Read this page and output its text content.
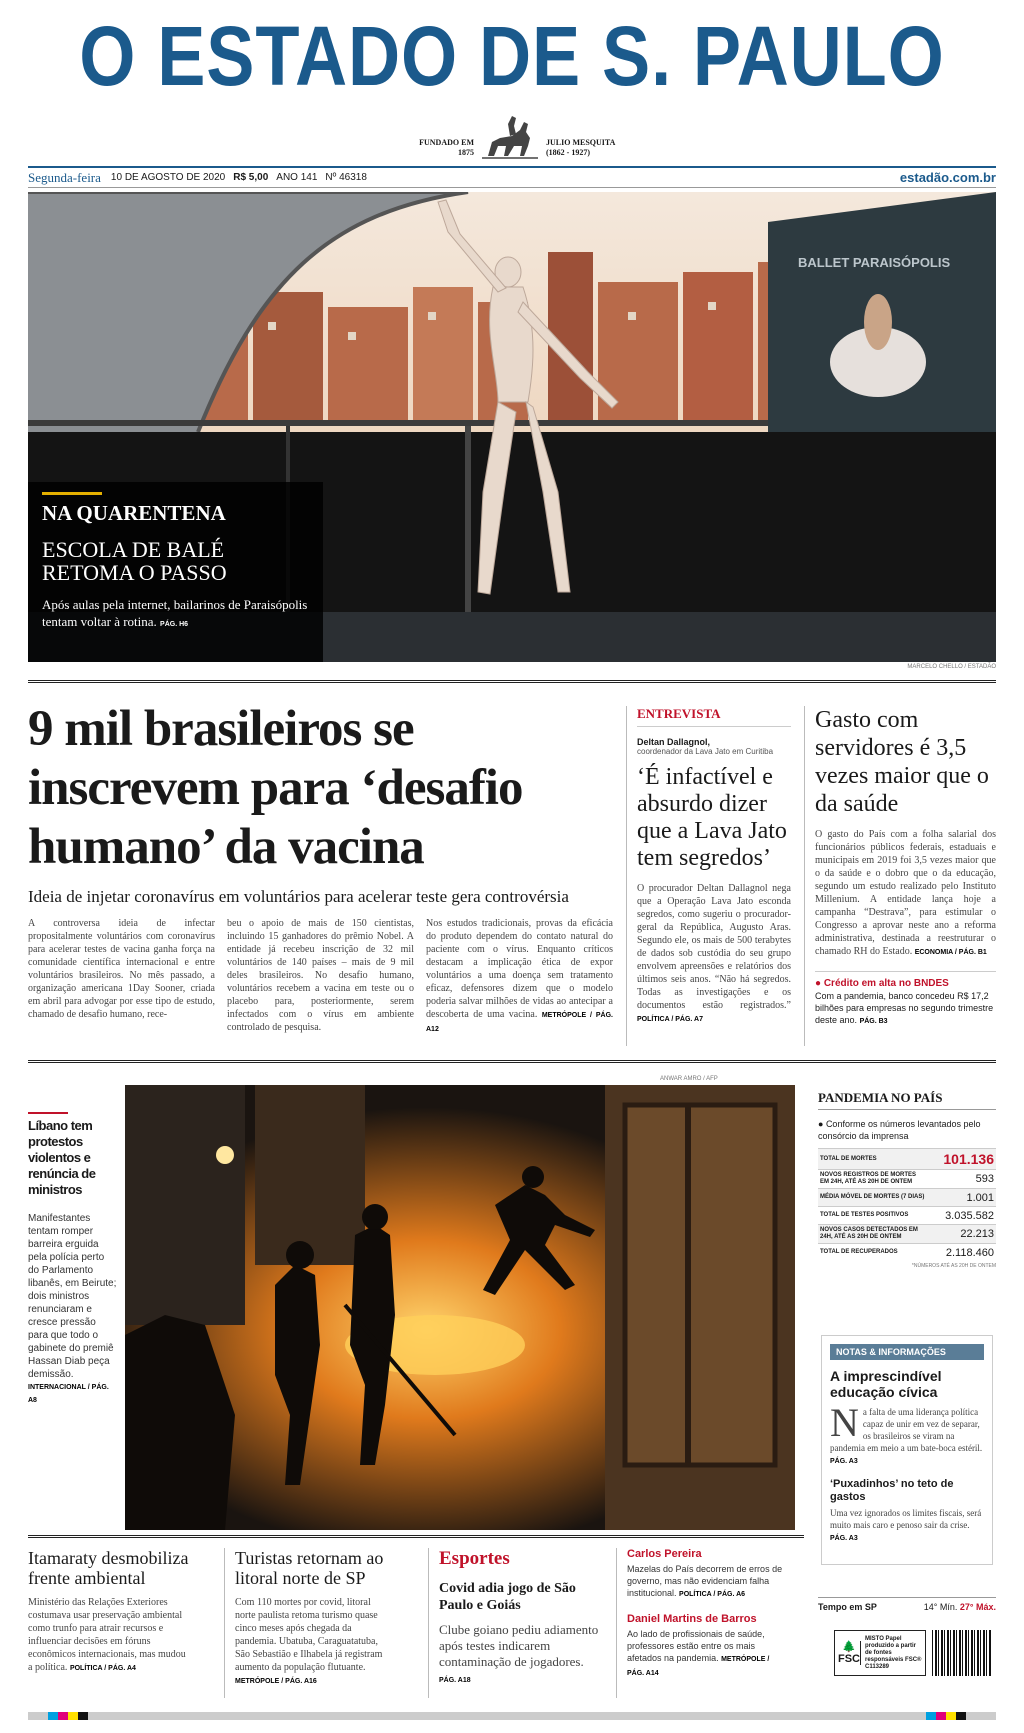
O ESTADO DE S. PAULO
FUNDADO EM
1875
JULIO MESQUITA
(1862 - 1927)
Segunda-feira 10 DE AGOSTO DE 2020 R$ 5,00 ANO 141 Nº 46318	estadão.com.br
BALLET PARAISÓPOLIS
NA QUARENTENA
ESCOLA DE BALÉ RETOMA O PASSO
Após aulas pela internet, bailarinos de Paraisópolis tentam voltar à rotina. PÁG. H6
MARCELO CHELLO / ESTADÃO
9 mil brasileiros se inscrevem para ‘desafio humano’ da vacina
Ideia de injetar coronavírus em voluntários para acelerar teste gera controvérsia
A controversa ideia de infectar propositalmente voluntários com coronavírus para acelerar testes de vacina ganha força na comunidade científica internacional e entre voluntários brasileiros. No mês passado, a organização americana 1Day Sooner, criada em abril para advogar por esse tipo de estudo, chamado de desafio humano, rece-
beu o apoio de mais de 150 cientistas, incluindo 15 ganhadores do prêmio Nobel. A entidade já recebeu inscrição de 32 mil voluntários de 140 países – mais de 9 mil deles brasileiros. No desafio humano, voluntários recebem a vacina em teste ou o placebo para, posteriormente, serem infectados com o vírus em ambiente controlado de pesquisa.
Nos estudos tradicionais, provas da eficácia do produto dependem do contato natural do paciente com o vírus. Enquanto críticos destacam a implicação ética de expor voluntários a uma doença sem tratamento eficaz, defensores dizem que o modelo poderia salvar milhões de vidas ao antecipar a descoberta de uma vacina. METRÓPOLE / PÁG. A12
ENTREVISTA
Deltan Dallagnol,
coordenador da Lava Jato em Curitiba
‘É infactível e absurdo dizer que a Lava Jato tem segredos’
O procurador Deltan Dallagnol nega que a Operação Lava Jato esconda segredos, como sugeriu o procurador-geral da República, Augusto Aras. Segundo ele, os mais de 500 terabytes de dados sob custódia do seu grupo envolvem apreensões e relatórios dos últimos seis anos. “Não há segredos. Todas as investigações e os documentos estão registrados.” POLÍTICA / PÁG. A7
Gasto com servidores é 3,5 vezes maior que o da saúde
O gasto do País com a folha salarial dos funcionários públicos federais, estaduais e municipais em 2019 foi 3,5 vezes maior que o da saúde e o dobro que o da educação, segundo um estudo realizado pelo Instituto Millenium. A entidade lança hoje a campanha “Destrava”, para estimular o Congresso a aprovar neste ano a reforma administrativa, destinada a reestruturar o chamado RH do Estado. ECONOMIA / PÁG. B1
● Crédito em alta no BNDES
Com a pandemia, banco concedeu R$ 17,2 bilhões para empresas no segundo trimestre deste ano. PÁG. B3
Líbano tem protestos violentos e renúncia de ministros
Manifestantes tentam romper barreira erguida pela polícia perto do Parlamento libanês, em Beirute; dois ministros renunciaram e cresce pressão para que todo o gabinete do premiê Hassan Diab peça demissão.
INTERNACIONAL / PÁG. A8
ANWAR AMRO / AFP
PANDEMIA NO PAÍS
● Conforme os números levantados pelo consórcio da imprensa
TOTAL DE MORTES	101.136
NOVOS REGISTROS DE MORTES EM 24H, ATÉ AS 20H DE ONTEM	593
MÉDIA MÓVEL DE MORTES (7 DIAS)	1.001
TOTAL DE TESTES POSITIVOS	3.035.582
NOVOS CASOS DETECTADOS EM 24H, ATÉ AS 20H DE ONTEM	22.213
TOTAL DE RECUPERADOS	2.118.460
*NÚMEROS ATÉ AS 20H DE ONTEM
NOTAS & INFORMAÇÕES
A imprescindível educação cívica
N a falta de uma liderança política capaz de unir em vez de separar, os brasileiros se viram na pandemia em meio a um bate-boca estéril. PÁG. A3
‘Puxadinhos’ no teto de gastos
Uma vez ignorados os limites fiscais, será muito mais caro e penoso sair da crise. PÁG. A3
Itamaraty desmobiliza frente ambiental
Ministério das Relações Exteriores costumava usar preservação ambiental como trunfo para atrair recursos e influenciar decisões em fóruns econômicos internacionais, mas mudou a política. POLÍTICA / PÁG. A4
Turistas retornam ao litoral norte de SP
Com 110 mortes por covid, litoral norte paulista retoma turismo quase cinco meses após chegada da pandemia. Ubatuba, Caraguatatuba, São Sebastião e Ilhabela já registram aumento da população flutuante. METRÓPOLE / PÁG. A16
Esportes
Covid adia jogo de São Paulo e Goiás
Clube goiano pediu adiamento após testes indicarem contaminação de jogadores. PÁG. A18
Carlos Pereira
Mazelas do País decorrem de erros de governo, mas não evidenciam falha institucional. POLÍTICA / PÁG. A6
Daniel Martins de Barros
Ao lado de profissionais de saúde, professores estão entre os mais afetados na pandemia. METRÓPOLE / PÁG. A14
Tempo em SP	14° Mín. 27° Máx.
🌲
FSC
MISTO Papel produzido a partir de fontes responsáveis FSC® C113289
